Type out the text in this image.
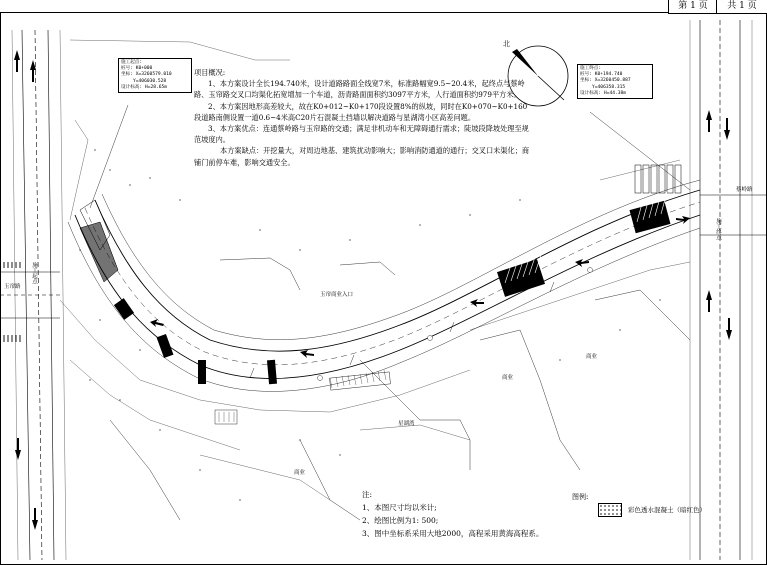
第 1 页	共 1 页
北
施工起点:
桩号: K0+000
坐标: X=3260579.010
Y=406030.528
设计标高: H=28.65m
施工终点:
桩号: K0+194.740
坐标: X=3260450.887
Y=406358.315
设计标高: H=44.38m

项目概况:

1、本方案设计全长194.740米，设计道路路面全线宽7米，标准路幅宽9.5~20.4米，起终点与蔡岭路、玉帘路交叉口均渠化拓宽增加一个车道，沥青路面面积约3097平方米，人行道面积约979平方米。

2、本方案因地形高差较大，故在K0+012~K0+170段设置8%的纵坡，同时在K0+070~K0+160段道路南侧设置一道0.6~4米高C20片石混凝土挡墙以解决道路与星湖湾小区高差问题。

3、本方案优点：连通蔡岭路与玉帘路的交通；满足非机动车和无障碍通行需求；陡坡段降坡处理至规范坡度内。

本方案缺点：开挖量大，对周边地基、建筑扰动影响大；影响消防通道的通行；交叉口未渠化；商铺门前停车难，影响交通安全。

玉帘路
施工起点
蔡岭路
施工终点
玉帘商业入口
星湖湾
商业
商业
商业
注:
1、本图尺寸均以米计;
2、绘图比例为1: 500;
3、图中坐标系采用大地2000，高程采用黄海高程系。
图例:
彩色透水混凝土（暗红色）
